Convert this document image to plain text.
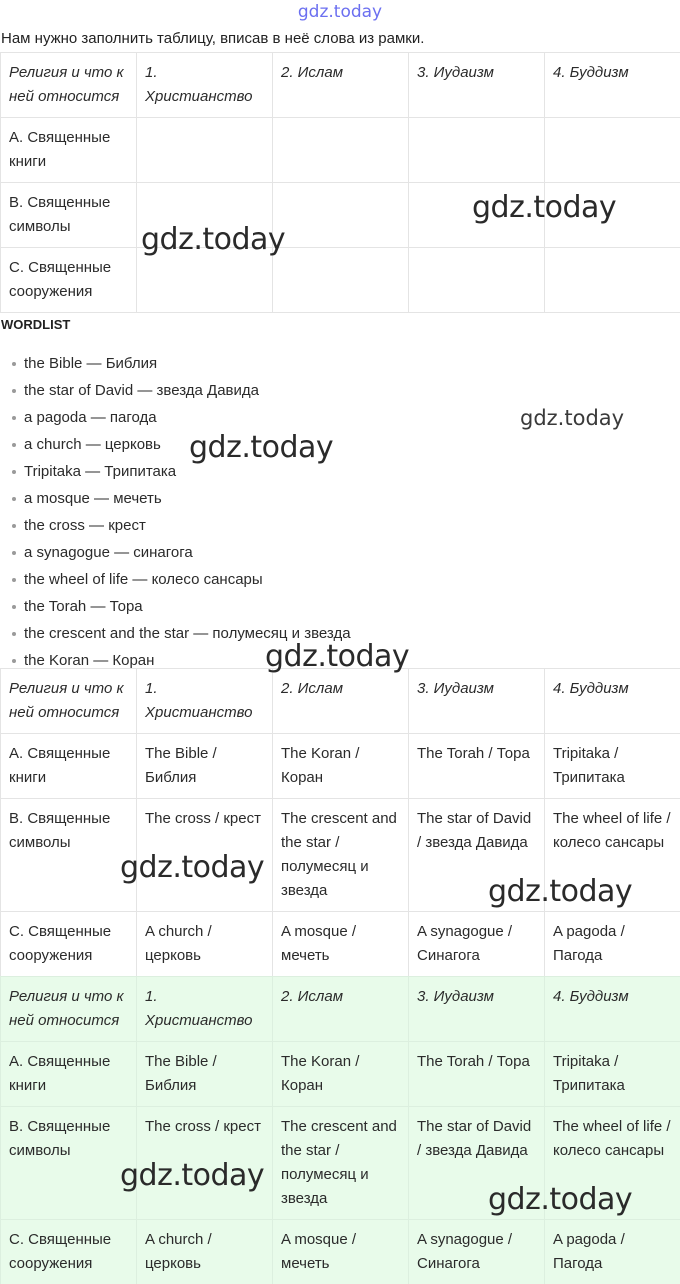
gdz.today
Нам нужно заполнить таблицу, вписав в неё слова из рамки.
Религия и что к ней относится	1. Христианство	2. Ислам	3. Иудаизм	4. Буддизм
A. Священные книги				
B. Священные символы				
C. Священные сооружения				
WORDLIST
the Bible — Библия
the star of David — звезда Давида
a pagoda — пагода
a church — церковь
Tripitaka — Трипитака
a mosque — мечеть
the cross — крест
a synagogue — синагога
the wheel of life — колесо сансары
the Torah — Тора
the crescent and the star — полумесяц и звезда
the Koran — Коран
Религия и что к ней относится	1. Христианство	2. Ислам	3. Иудаизм	4. Буддизм
A. Священные книги	The Bible / Библия	The Koran / Коран	The Torah / Тора	Tripitaka / Трипитака
B. Священные символы	The cross / крест	The crescent and the star / полумесяц и звезда	The star of David / звезда Давида	The wheel of life / колесо сансары
C. Священные сооружения	A church / церковь	A mosque / мечеть	A synagogue / Синагога	A pagoda / Пагода
Религия и что к ней относится	1. Христианство	2. Ислам	3. Иудаизм	4. Буддизм
A. Священные книги	The Bible / Библия	The Koran / Коран	The Torah / Тора	Tripitaka / Трипитака
B. Священные символы	The cross / крест	The crescent and the star / полумесяц и звезда	The star of David / звезда Давида	The wheel of life / колесо сансары
C. Священные сооружения	A church / церковь	A mosque / мечеть	A synagogue / Синагога	A pagoda / Пагода
gdz.today
gdz.today
gdz.today
gdz.today
gdz.today
gdz.today
gdz.today
gdz.today
gdz.today
